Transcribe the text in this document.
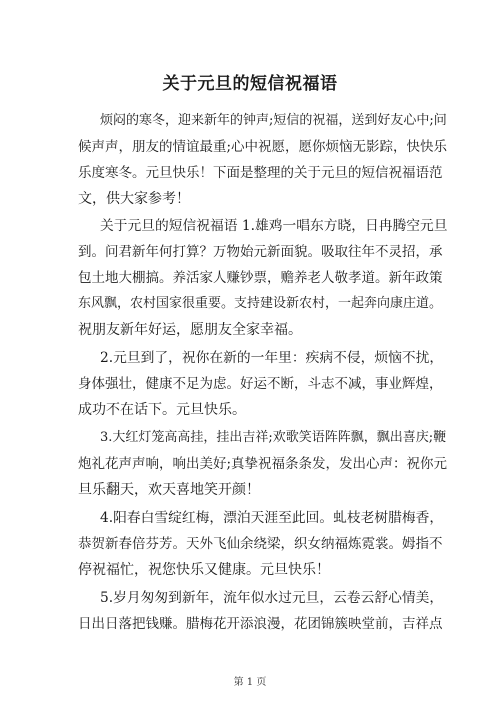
关于元旦的短信祝福语

烦闷的寒冬，迎来新年的钟声;短信的祝福，送到好友心中;问

候声声，朋友的情谊最重;心中祝愿，愿你烦恼无影踪，快快乐

乐度寒冬。元旦快乐！下面是整理的关于元旦的短信祝福语范

文，供大家参考！

关于元旦的短信祝福语 1.雄鸡一唱东方晓，日冉腾空元旦

到。问君新年何打算？万物始元新面貌。吸取往年不灵招，承

包土地大棚搞。养活家人赚钞票，赡养老人敬孝道。新年政策

东风飘，农村国家很重要。支持建设新农村，一起奔向康庄道。

祝朋友新年好运，愿朋友全家幸福。

2.元旦到了，祝你在新的一年里：疾病不侵，烦恼不扰，

身体强壮，健康不足为虑。好运不断，斗志不减，事业辉煌，

成功不在话下。元旦快乐。

3.大红灯笼高高挂，挂出吉祥;欢歌笑语阵阵飘，飘出喜庆;鞭

炮礼花声声响，响出美好;真挚祝福条条发，发出心声：祝你元

旦乐翻天，欢天喜地笑开颜！

4.阳春白雪绽红梅，漂泊天涯至此回。虬枝老树腊梅香，

恭贺新春倍芬芳。天外飞仙余绕梁，织女纳福炼霓裳。姆指不

停祝福忙，祝您快乐又健康。元旦快乐！

5.岁月匆匆到新年，流年似水过元旦，云卷云舒心情美，

日出日落把钱赚。腊梅花开添浪漫，花团锦簇映堂前，吉祥点

第 1 页
